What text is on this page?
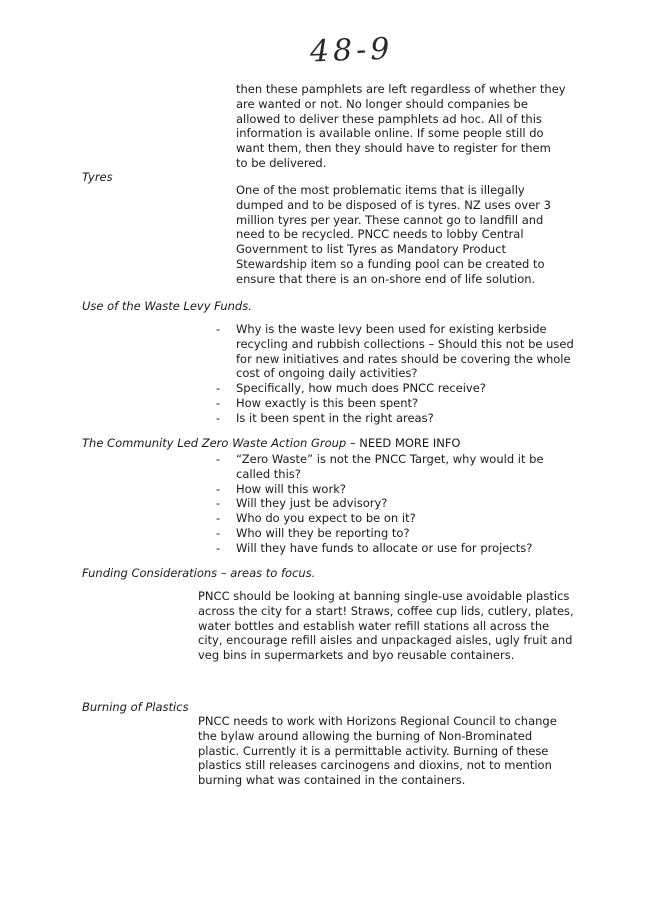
48-9

then these pamphlets are left regardless of whether they are wanted or not. No longer should companies be allowed to deliver these pamphlets ad hoc. All of this information is available online. If some people still do want them, then they should have to register for them to be delivered.

Tyres

One of the most problematic items that is illegally dumped and to be disposed of is tyres. NZ uses over 3 million tyres per year. These cannot go to landfill and need to be recycled. PNCC needs to lobby Central Government to list Tyres as Mandatory Product Stewardship item so a funding pool can be created to ensure that there is an on-shore end of life solution.

Use of the Waste Levy Funds.

- Why is the waste levy been used for existing kerbside recycling and rubbish collections – Should this not be used for new initiatives and rates should be covering the whole cost of ongoing daily activities?
- Specifically, how much does PNCC receive?
- How exactly is this been spent?
- Is it been spent in the right areas?

The Community Led Zero Waste Action Group – NEED MORE INFO

- “Zero Waste” is not the PNCC Target, why would it be called this?
- How will this work?
- Will they just be advisory?
- Who do you expect to be on it?
- Who will they be reporting to?
- Will they have funds to allocate or use for projects?

Funding Considerations – areas to focus.

PNCC should be looking at banning single-use avoidable plastics across the city for a start! Straws, coffee cup lids, cutlery, plates, water bottles and establish water refill stations all across the city, encourage refill aisles and unpackaged aisles, ugly fruit and veg bins in supermarkets and byo reusable containers.

Burning of Plastics

PNCC needs to work with Horizons Regional Council to change the bylaw around allowing the burning of Non-Brominated plastic. Currently it is a permittable activity. Burning of these plastics still releases carcinogens and dioxins, not to mention burning what was contained in the containers.
